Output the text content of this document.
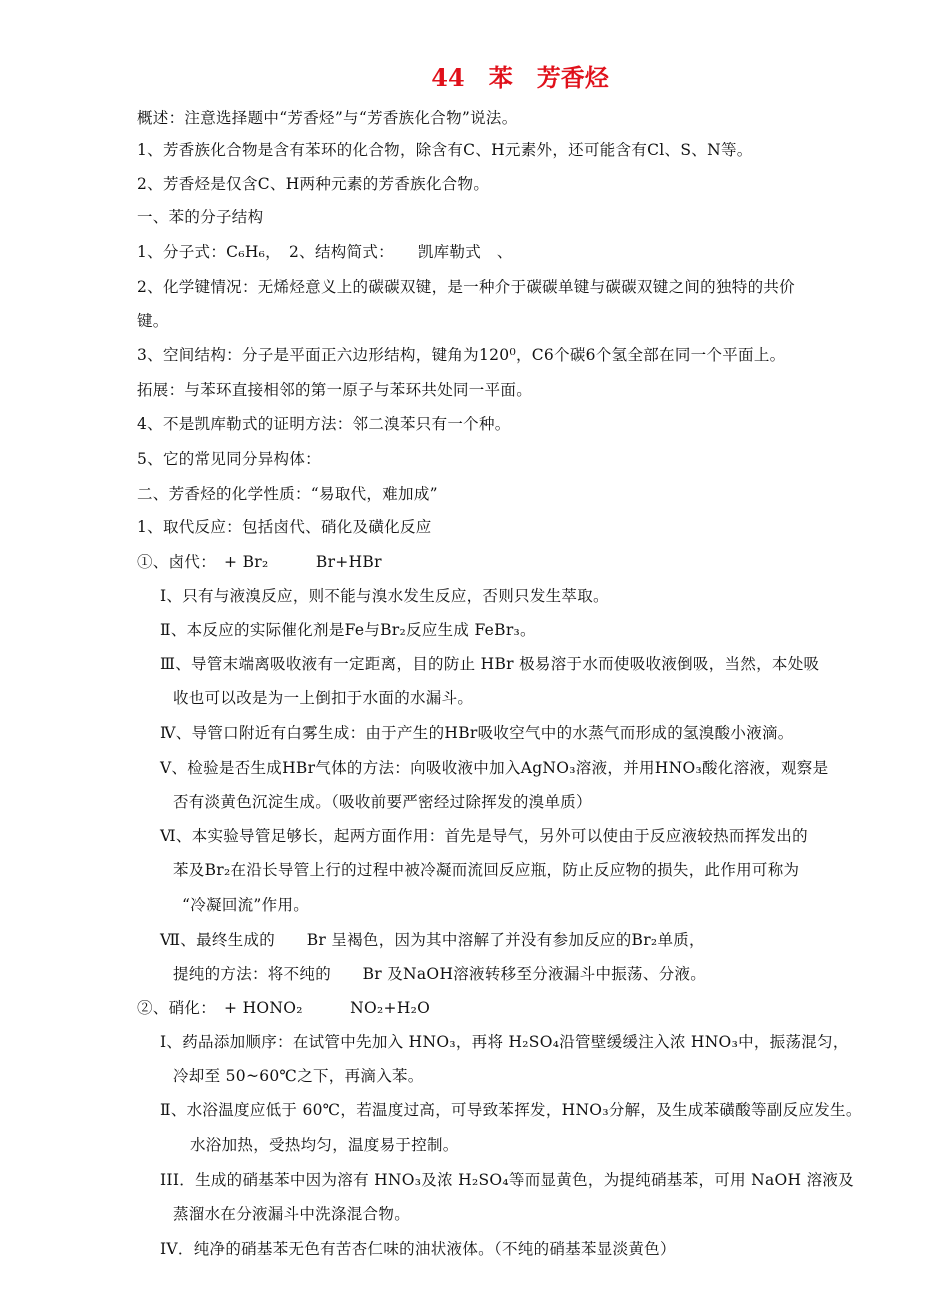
44　苯　芳香烃
概述：注意选择题中“芳香烃”与“芳香族化合物”说法。
1、芳香族化合物是含有苯环的化合物，除含有C、H元素外，还可能含有Cl、S、N等。
2、芳香烃是仅含C、H两种元素的芳香族化合物。
一、苯的分子结构
1、分子式：C₆H₆，　2、结构简式：　　凯库勒式　、
2、化学键情况：无烯烃意义上的碳碳双键，是一种介于碳碳单键与碳碳双键之间的独特的共价
键。
3、空间结构：分子是平面正六边形结构，键角为120⁰，C6个碳6个氢全部在同一个平面上。
拓展：与苯环直接相邻的第一原子与苯环共处同一平面。
4、不是凯库勒式的证明方法：邻二溴苯只有一个种。
5、它的常见同分异构体：
二、芳香烃的化学性质：“易取代，难加成”
1、取代反应：包括卤代、硝化及磺化反应
①、卤代：　+ Br₂　　　Br+HBr
Ⅰ、只有与液溴反应，则不能与溴水发生反应，否则只发生萃取。
Ⅱ、本反应的实际催化剂是Fe与Br₂反应生成 FeBr₃。
Ⅲ、导管末端离吸收液有一定距离，目的防止 HBr 极易溶于水而使吸收液倒吸，当然，本处吸
收也可以改是为一上倒扣于水面的水漏斗。
Ⅳ、导管口附近有白雾生成：由于产生的HBr吸收空气中的水蒸气而形成的氢溴酸小液滴。
Ⅴ、检验是否生成HBr气体的方法：向吸收液中加入AgNO₃溶液，并用HNO₃酸化溶液，观察是
否有淡黄色沉淀生成。（吸收前要严密经过除挥发的溴单质）
Ⅵ、本实验导管足够长，起两方面作用：首先是导气，另外可以使由于反应液较热而挥发出的
苯及Br₂在沿长导管上行的过程中被冷凝而流回反应瓶，防止反应物的损失，此作用可称为
“冷凝回流”作用。
Ⅶ、最终生成的　　Br 呈褐色，因为其中溶解了并没有参加反应的Br₂单质，
提纯的方法：将不纯的　　Br 及NaOH溶液转移至分液漏斗中振荡、分液。
②、硝化：　+ HONO₂　　　NO₂+H₂O
Ⅰ、药品添加顺序：在试管中先加入 HNO₃，再将 H₂SO₄沿管壁缓缓注入浓 HNO₃中，振荡混匀，
冷却至 50~60℃之下，再滴入苯。
Ⅱ、水浴温度应低于 60℃，若温度过高，可导致苯挥发，HNO₃分解，及生成苯磺酸等副反应发生。
水浴加热，受热均匀，温度易于控制。
III．生成的硝基苯中因为溶有 HNO₃及浓 H₂SO₄等而显黄色，为提纯硝基苯，可用 NaOH 溶液及
蒸溜水在分液漏斗中洗涤混合物。
IV．纯净的硝基苯无色有苦杏仁味的油状液体。（不纯的硝基苯显淡黄色）
